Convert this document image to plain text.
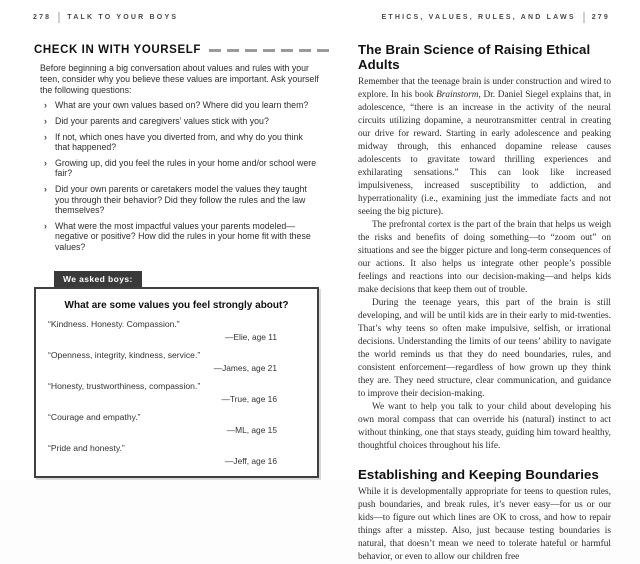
278 TALK TO YOUR BOYS	ETHICS, VALUES, RULES, AND LAWS 279
CHECK IN WITH YOURSELF

Before beginning a big conversation about values and rules with your teen, consider why you believe these values are important. Ask yourself the following questions:

› What are your own values based on? Where did you learn them?
› Did your parents and caregivers’ values stick with you?
› If not, which ones have you diverted from, and why do you think that happened?
› Growing up, did you feel the rules in your home and/or school were fair?
› Did your own parents or caretakers model the values they taught you through their behavior? Did they follow the rules and the law themselves?
› What were the most impactful values your parents modeled—negative or positive? How did the rules in your home fit with these values?
We asked boys:
What are some values you feel strongly about?
“Kindness. Honesty. Compassion.”
—Elie, age 11
“Openness, integrity, kindness, service.”
—James, age 21
“Honesty, trustworthiness, compassion.”
—True, age 16
“Courage and empathy.”
—ML, age 15
“Pride and honesty.”
—Jeff, age 16
The Brain Science of Raising Ethical Adults

Remember that the teenage brain is under construction and wired to explore. In his book Brainstorm, Dr. Daniel Siegel explains that, in adolescence, “there is an increase in the activity of the neural circuits utilizing dopamine, a neurotransmitter central in creating our drive for reward. Starting in early adolescence and peaking midway through, this enhanced dopamine release causes adolescents to gravitate toward thrilling experiences and exhilarating sensations.” This can look like increased impulsiveness, increased susceptibility to addiction, and hyperrationality (i.e., examining just the immediate facts and not seeing the big picture).

The prefrontal cortex is the part of the brain that helps us weigh the risks and benefits of doing something—to “zoom out” on situations and see the bigger picture and long-term consequences of our actions. It also helps us integrate other people’s possible feelings and reactions into our decision-making—and helps kids make decisions that keep them out of trouble.

During the teenage years, this part of the brain is still developing, and will be until kids are in their early to mid-twenties. That’s why teens so often make impulsive, selfish, or irrational decisions. Understanding the limits of our teens’ ability to navigate the world reminds us that they do need boundaries, rules, and consistent enforcement—regardless of how grown up they think they are. They need structure, clear communication, and guidance to improve their decision-making.

We want to help you talk to your child about developing his own moral compass that can override his (natural) instinct to act without thinking, one that stays steady, guiding him toward healthy, thoughtful choices throughout his life.

Establishing and Keeping Boundaries

While it is developmentally appropriate for teens to question rules, push boundaries, and break rules, it’s never easy—for us or our kids—to figure out which lines are OK to cross, and how to repair things after a misstep. Also, just because testing boundaries is natural, that doesn’t mean we need to tolerate hateful or harmful behavior, or even to allow our children free
